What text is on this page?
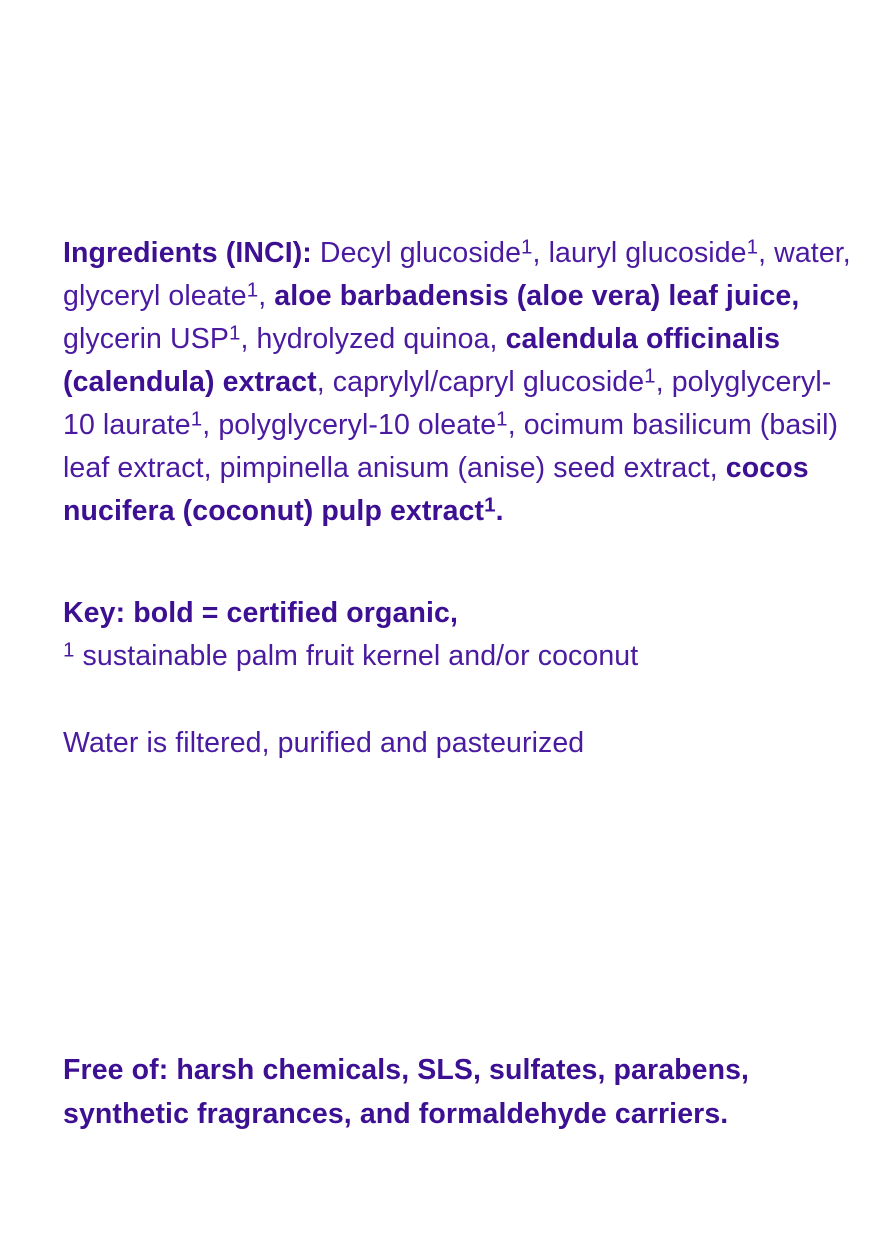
Ingredients (INCI): Decyl glucoside$^1$, lauryl glucoside$^1$, water, glyceryl oleate$^1$, aloe barbadensis (aloe vera) leaf juice, glycerin USP$^1$, hydrolyzed quinoa, calendula officinalis (calendula) extract, caprylyl/capryl glucoside$^1$, polyglyceryl-10 laurate$^1$, polyglyceryl-10 oleate$^1$, ocimum basilicum (basil) leaf extract, pimpinella anisum (anise) seed extract, cocos nucifera (coconut) pulp extract$^1$.

Key: bold = certified organic,
$^1$ sustainable palm fruit kernel and/or coconut
Water is filtered, purified and pasteurized
Free of: harsh chemicals, SLS, sulfates, parabens,
synthetic fragrances, and formaldehyde carriers.
